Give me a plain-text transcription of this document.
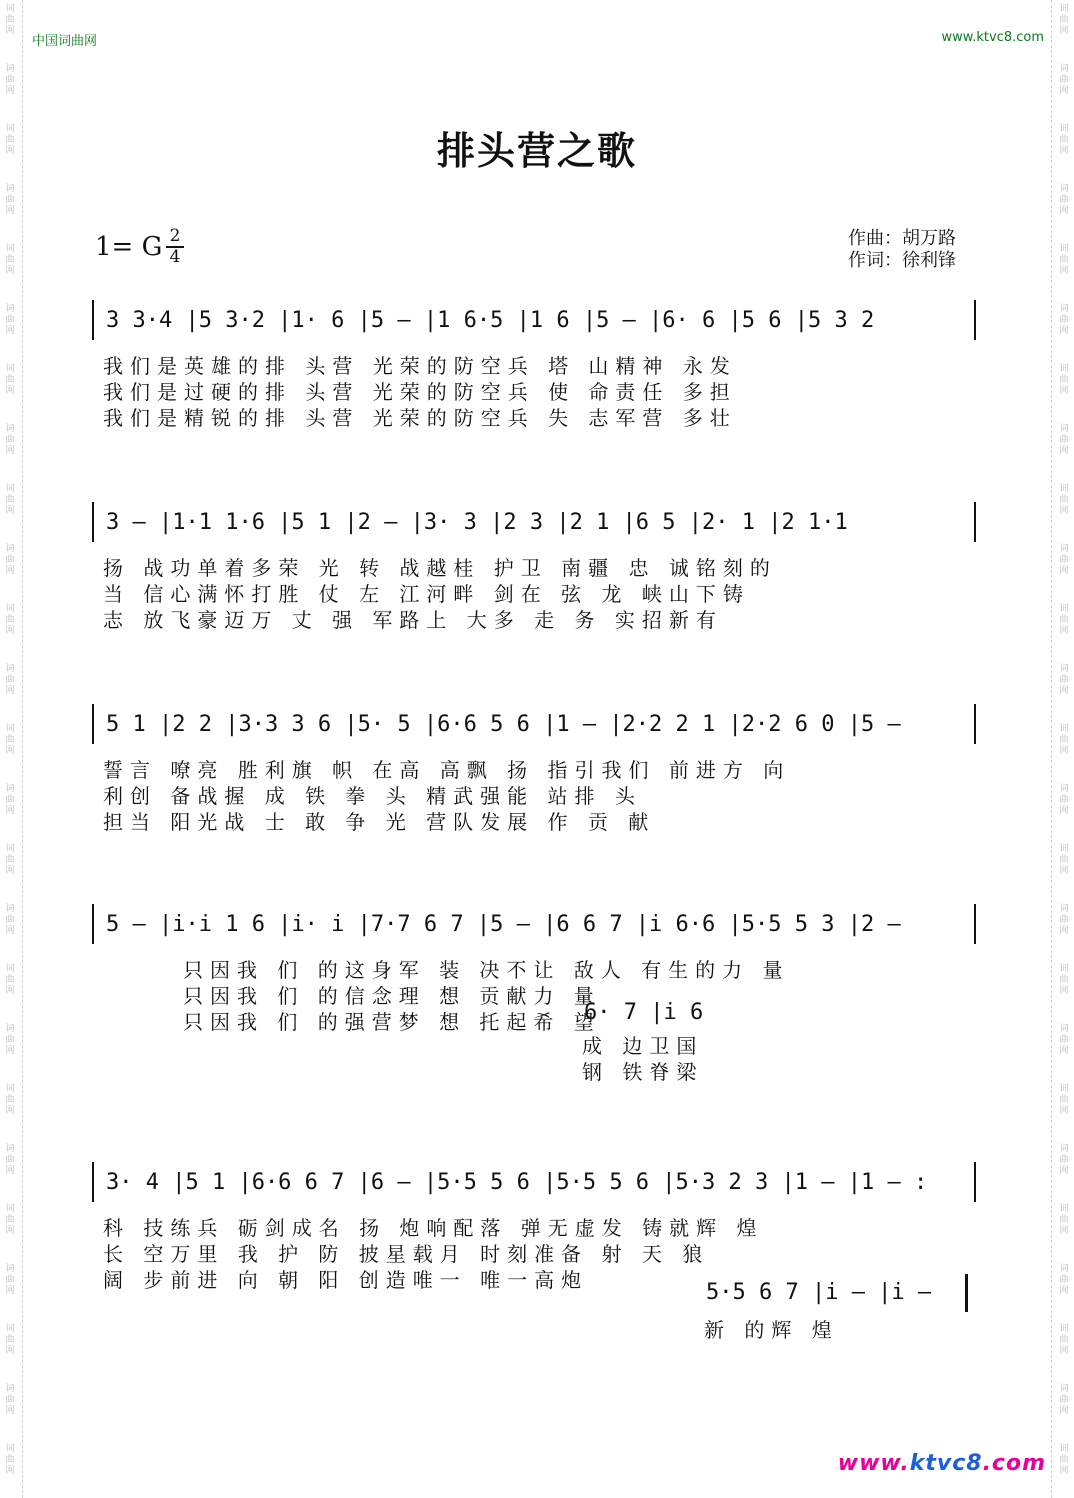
词
曲
网
词
曲
网
词
曲
网
词
曲
网
词
曲
网
词
曲
网
词
曲
网
词
曲
网
词
曲
网
词
曲
网
词
曲
网
词
曲
网
词
曲
网
词
曲
网
词
曲
网
词
曲
网
词
曲
网
词
曲
网
词
曲
网
词
曲
网
词
曲
网
词
曲
网
词
曲
网
词
曲
网
词
曲
网
词
曲
网
词
曲
网
词
曲
网
词
曲
网
词
曲
网
词
曲
网
词
曲
网
词
曲
网
词
曲
网
词
曲
网
词
曲
网
词
曲
网
词
曲
网
词
曲
网
词
曲
网
词
曲
网
词
曲
网
词
曲
网
词
曲
网
词
曲
网
词
曲
网
词
曲
网
词
曲
网
词
曲
网
词
曲
网
中国词曲网	www.ktvc8.com
排头营之歌
1= G 2
4
作曲：胡万路
作词：徐利锋
3 3·4 |5 3·2 |1· 6 |5 — |1 6·5 |1 6 |5 — |6· 6 |5 6 |5 3 2
我们是英雄的排 头营 光荣的防空兵 塔 山精神 永发
我们是过硬的排 头营 光荣的防空兵 使 命责任 多担
我们是精锐的排 头营 光荣的防空兵 失 志军营 多壮
3 — |1·1 1·6 |5 1 |2 — |3· 3 |2 3 |2 1 |6 5 |2· 1 |2 1·1
扬 战功单着多荣 光 转 战越桂 护卫 南疆 忠 诚铭刻的
当 信心满怀打胜 仗 左 江河畔 剑在 弦 龙 峡山下铸
志 放飞豪迈万 丈 强 军路上 大多 走 务 实招新有
5 1 |2 2 |3·3 3 6 |5· 5 |6·6 5 6 |1 — |2·2 2 1 |2·2 6 0 |5 —
誓言 嘹亮 胜利旗 帜 在高 高飘 扬 指引我们 前进方 向
利创 备战握 成 铁 拳 头 精武强能 站排 头
担当 阳光战 士 敢 争 光 营队发展 作 贡 献
5 — |i·i 1 6 |i· i |7·7 6 7 |5 — |6 6 7 |i 6·6 |5·5 5 3 |2 —
只因我 们 的这身军 装 决不让 敌人 有生的力 量
只因我 们 的信念理 想 贡献力 量
只因我 们 的强营梦 想 托起希 望
6· 7 |i 6
成 边卫国
钢 铁脊梁
3· 4 |5 1 |6·6 6 7 |6 — |5·5 5 6 |5·5 5 6 |5·3 2 3 |1 — |1 — :
科 技练兵 砺剑成名 扬 炮响配落 弹无虚发 铸就辉 煌
长 空万里 我 护 防 披星载月 时刻准备 射 天 狼
阔 步前进 向 朝 阳 创造唯一 唯一高炮	5·5 6 7 |i — |i —
新 的辉 煌
www.ktvc8.com
